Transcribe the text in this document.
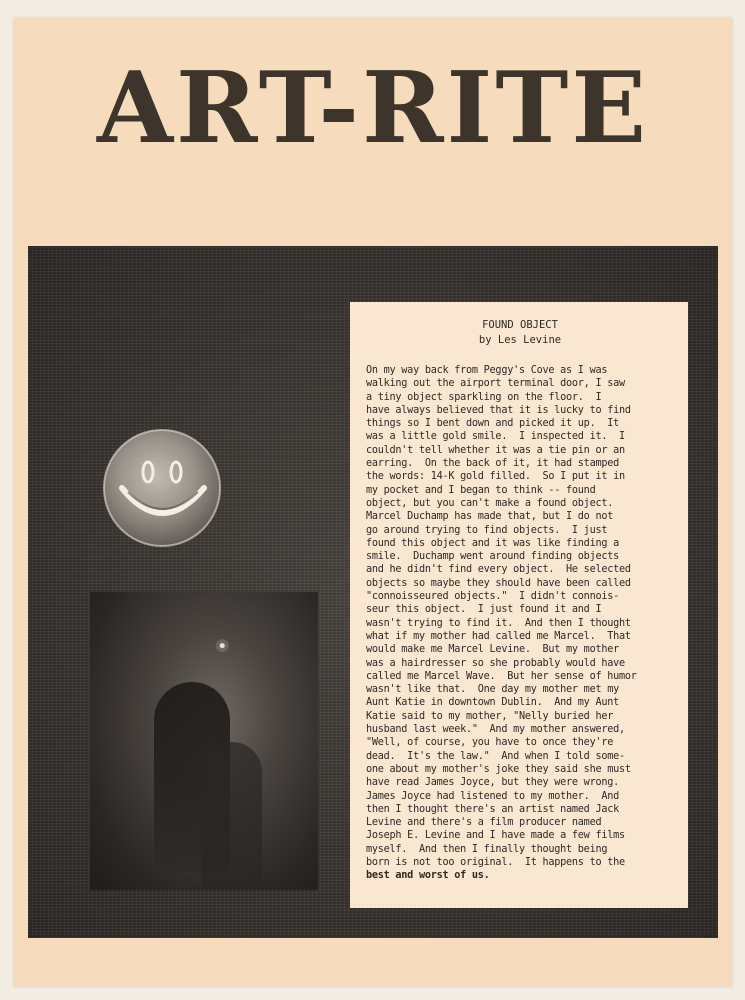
ART-RITE
FOUND OBJECT
by Les Levine
On my way back from Peggy's Cove as I was
walking out the airport terminal door, I saw
a tiny object sparkling on the floor.  I
have always believed that it is lucky to find
things so I bent down and picked it up.  It
was a little gold smile.  I inspected it.  I
couldn't tell whether it was a tie pin or an
earring.  On the back of it, it had stamped
the words: 14-K gold filled.  So I put it in
my pocket and I began to think -- found
object, but you can't make a found object.
Marcel Duchamp has made that, but I do not
go around trying to find objects.  I just
found this object and it was like finding a
smile.  Duchamp went around finding objects
and he didn't find every object.  He selected
objects so maybe they should have been called
"connoisseured objects."  I didn't connois-
seur this object.  I just found it and I
wasn't trying to find it.  And then I thought
what if my mother had called me Marcel.  That
would make me Marcel Levine.  But my mother
was a hairdresser so she probably would have
called me Marcel Wave.  But her sense of humor
wasn't like that.  One day my mother met my
Aunt Katie in downtown Dublin.  And my Aunt
Katie said to my mother, "Nelly buried her
husband last week."  And my mother answered,
"Well, of course, you have to once they're
dead.  It's the law."  And when I told some-
one about my mother's joke they said she must
have read James Joyce, but they were wrong.
James Joyce had listened to my mother.  And
then I thought there's an artist named Jack
Levine and there's a film producer named
Joseph E. Levine and I have made a few films
myself.  And then I finally thought being
born is not too original.  It happens to the
best and worst of us.
